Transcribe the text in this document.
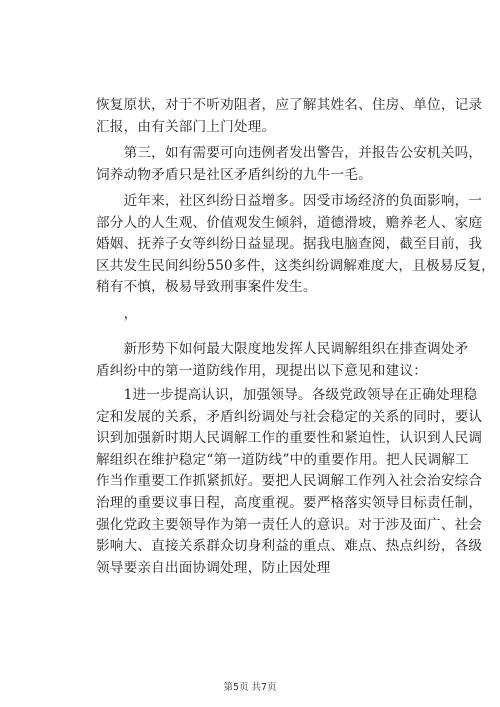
恢复原状，对于不听劝阻者，应了解其姓名、住房、单位，记录
汇报，由有关部门上门处理。
　　第三，如有需要可向违例者发出警告，并报告公安机关吗，
饲养动物矛盾只是社区矛盾纠纷的九牛一毛。
　　近年来，社区纠纷日益增多。因受市场经济的负面影响，一
部分人的人生观、价值观发生倾斜，道德滑坡，赡养老人、家庭
婚姻、抚养子女等纠纷日益显现。据我电脑查阅，截至目前，我
区共发生民间纠纷550多件，这类纠纷调解难度大，且极易反复，
稍有不慎，极易导致刑事案件发生。
　　，
　　新形势下如何最大限度地发挥人民调解组织在排查调处矛
盾纠纷中的第一道防线作用，现提出以下意见和建议：
　　1进一步提高认识，加强领导。各级党政领导在正确处理稳
定和发展的关系，矛盾纠纷调处与社会稳定的关系的同时，要认
识到加强新时期人民调解工作的重要性和紧迫性，认识到人民调
解组织在维护稳定“第一道防线”中的重要作用。把人民调解工
作当作重要工作抓紧抓好。要把人民调解工作列入社会治安综合
治理的重要议事日程，高度重视。要严格落实领导目标责任制，
强化党政主要领导作为第一责任人的意识。对于涉及面广、社会
影响大、直接关系群众切身利益的重点、难点、热点纠纷，各级
领导要亲自出面协调处理，防止因处理
第5页 共7页
